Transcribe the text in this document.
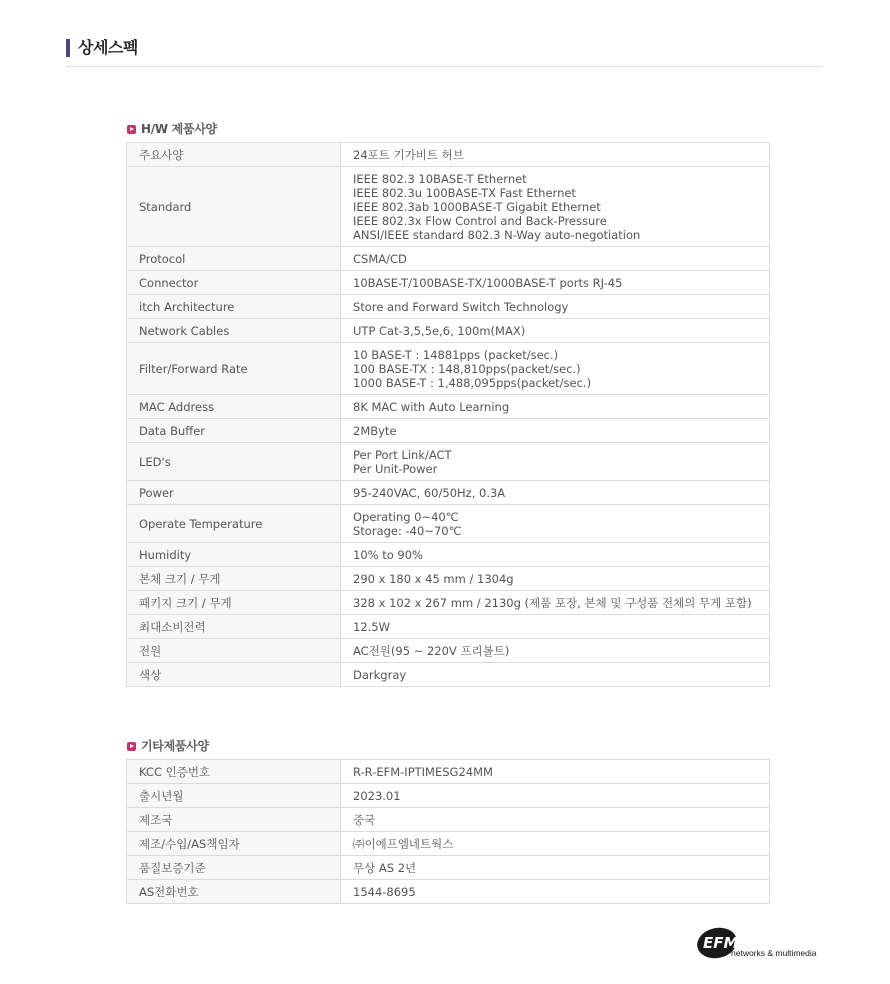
상세스펙
H/W 제품사양
주요사양	24포트 기가비트 허브

Standard	IEEE 802.3 10BASE-T Ethernet
IEEE 802.3u 100BASE-TX Fast Ethernet
IEEE 802.3ab 1000BASE-T Gigabit Ethernet
IEEE 802.3x Flow Control and Back-Pressure
ANSI/IEEE standard 802.3 N-Way auto-negotiation

Protocol	CSMA/CD

Connector	10BASE-T/100BASE-TX/1000BASE-T ports RJ-45

itch Architecture	Store and Forward Switch Technology

Network Cables	UTP Cat-3,5,5e,6, 100m(MAX)

Filter/Forward Rate	10 BASE-T : 14881pps (packet/sec.)
100 BASE-TX : 148,810pps(packet/sec.)
1000 BASE-T : 1,488,095pps(packet/sec.)

MAC Address	8K MAC with Auto Learning

Data Buffer	2MByte

LED's	Per Port Link/ACT
Per Unit-Power

Power	95-240VAC, 60/50Hz, 0.3A

Operate Temperature	Operating 0~40℃
Storage: -40~70℃

Humidity	10% to 90%

본체 크기 / 무게	290 x 180 x 45 mm / 1304g

패키지 크기 / 무게	328 x 102 x 267 mm / 2130g (제품 포장, 본체 및 구성품 전체의 무게 포함)

최대소비전력	12.5W

전원	AC전원(95 ~ 220V 프리볼트)

색상	Darkgray
기타제품사양
KCC 인증번호	R-R-EFM-IPTIMESG24MM

출시년월	2023.01

제조국	중국

제조/수입/AS책임자	㈜이에프엠네트웍스

품질보증기준	무상 AS 2년

AS전화번호	1544-8695
EFM
networks & multimedia
